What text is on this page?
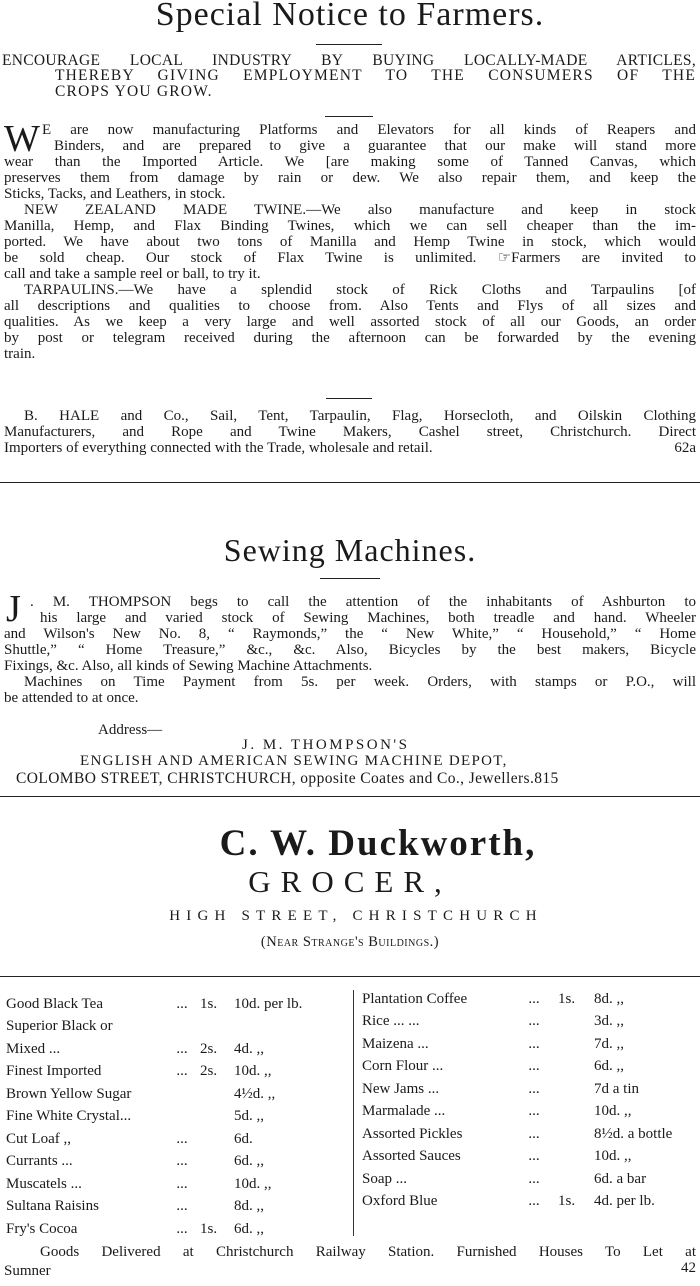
Special Notice to Farmers.
ENCOURAGE LOCAL INDUSTRY BY BUYING LOCALLY-MADE ARTICLES,
THEREBY GIVING EMPLOYMENT TO THE CONSUMERS OF THE
CROPS YOU GROW.
W E are now manufacturing Platforms and Elevators for all kinds of Reapers and
Binders, and are prepared to give a guarantee that our make will stand more
wear than the Imported Article. We [are making some of Tanned Canvas, which
preserves them from damage by rain or dew. We also repair them, and keep the
Sticks, Tacks, and Leathers, in stock.
NEW ZEALAND MADE TWINE.—We also manufacture and keep in stock
Manilla, Hemp, and Flax Binding Twines, which we can sell cheaper than the im-
ported. We have about two tons of Manilla and Hemp Twine in stock, which would
be sold cheap. Our stock of Flax Twine is unlimited. ☞Farmers are invited to
call and take a sample reel or ball, to try it.
TARPAULINS.—We have a splendid stock of Rick Cloths and Tarpaulins [of
all descriptions and qualities to choose from. Also Tents and Flys of all sizes and
qualities. As we keep a very large and well assorted stock of all our Goods, an order
by post or telegram received during the afternoon can be forwarded by the evening
train.
B. HALE and Co., Sail, Tent, Tarpaulin, Flag, Horsecloth, and Oilskin Clothing
Manufacturers, and Rope and Twine Makers, Cashel street, Christchurch. Direct
Importers of everything connected with the Trade, wholesale and retail.	62a
Sewing Machines.
J . M. THOMPSON begs to call the attention of the inhabitants of Ashburton to
his large and varied stock of Sewing Machines, both treadle and hand. Wheeler
and Wilson's New No. 8, “ Raymonds,” the “ New White,” “ Household,” “ Home
Shuttle,” “ Home Treasure,” &c., &c. Also, Bicycles by the best makers, Bicycle
Fixings, &c. Also, all kinds of Sewing Machine Attachments.
Machines on Time Payment from 5s. per week. Orders, with stamps or P.O., will
be attended to at once.
Address—
J. M. THOMPSON'S
ENGLISH AND AMERICAN SEWING MACHINE DEPOT,
COLOMBO STREET, CHRISTCHURCH, opposite Coates and Co., Jewellers.815
C. W. Duckworth,
GROCER,
HIGH STREET, CHRISTCHURCH
(Near Strange's Buildings.)
Good Black Tea	...	1s.	10d. per lb.
Superior Black or			
Mixed ...	...	2s.	4d. ,,
Finest Imported	...	2s.	10d. ,,
Brown Yellow Sugar			4½d. ,,
Fine White Crystal...			5d. ,,
Cut Loaf ,,	...		6d.
Currants ...	...		6d. ,,
Muscatels ...	...		10d. ,,
Sultana Raisins	...		8d. ,,
Fry's Cocoa	...	1s.	6d. ,,
Plantation Coffee	...	1s.	8d. ,,
Rice ... ...	...		3d. ,,
Maizena ...	...		7d. ,,
Corn Flour ...	...		6d. ,,
New Jams ...	...		7d a tin
Marmalade ...	...		10d. ,,
Assorted Pickles	...		8½d. a bottle
Assorted Sauces	...		10d. ,,
Soap ...	...		6d. a bar
Oxford Blue	...	1s.	4d. per lb.
Goods Delivered at Christchurch Railway Station. Furnished Houses To Let at
Sumner	42
